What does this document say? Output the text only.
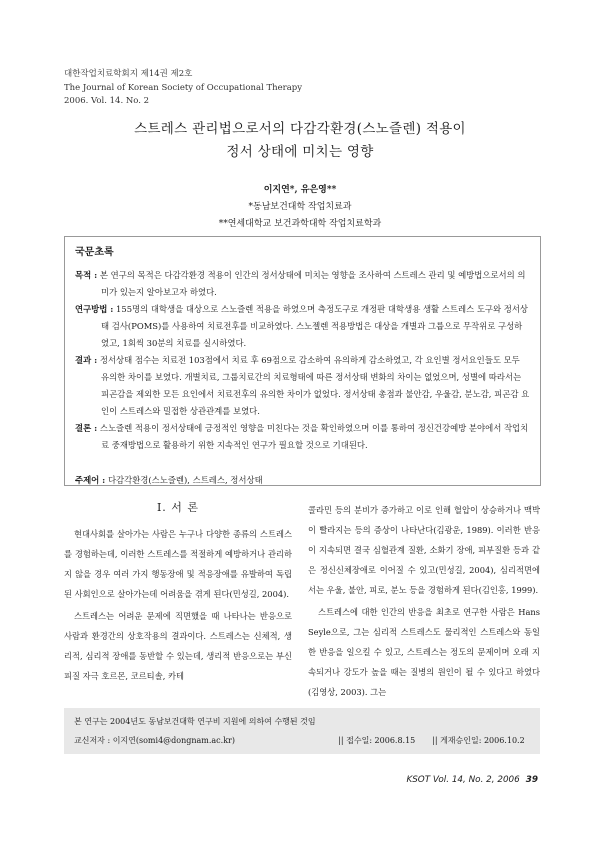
대한작업치료학회지 제14권 제2호
The Journal of Korean Society of Occupational Therapy
2006. Vol. 14. No. 2
스트레스 관리법으로서의 다감각환경(스노즐렌) 적용이
정서 상태에 미치는 영향
이지연*, 유은영**
*동남보건대학 작업치료과
**연세대학교 보건과학대학 작업치료학과
국문초록
목적 : 본 연구의 목적은 다감각환경 적용이 인간의 정서상태에 미치는 영향을 조사하여 스트레스 관리 및 예방법으로서의 의미가 있는지 알아보고자 하였다.
연구방법 : 155명의 대학생을 대상으로 스노즐렌 적용을 하였으며 측정도구로 개정판 대학생용 생활 스트레스 도구와 정서상태 검사(POMS)를 사용하여 치료전후를 비교하였다. 스노젤렌 적용방법은 대상을 개별과 그룹으로 무작위로 구성하였고, 1회씩 30분의 치료를 실시하였다.
결과 : 정서상태 점수는 치료전 103점에서 치료 후 69점으로 감소하여 유의하게 감소하였고, 각 요인별 정서요인들도 모두 유의한 차이를 보였다. 개별치료, 그룹치료간의 치료형태에 따른 정서상태 변화의 차이는 없었으며, 성별에 따라서는 피곤감을 제외한 모든 요인에서 치료전후의 유의한 차이가 없었다. 정서상태 총점과 불안감, 우울감, 분노감, 피곤감 요인이 스트레스와 밀접한 상관관계를 보였다.
결론 : 스노즐렌 적용이 정서상태에 긍정적인 영향을 미친다는 것을 확인하였으며 이를 통하여 정신건강예방 분야에서 작업치료 중재방법으로 활용하기 위한 지속적인 연구가 필요할 것으로 기대된다.
주제어 : 다감각환경(스노즐렌), 스트레스, 정서상태
I. 서 론

현대사회를 살아가는 사람은 누구나 다양한 종류의 스트레스를 경험하는데, 이러한 스트레스를 적절하게 예방하거나 관리하지 않을 경우 여러 가지 행동장애 및 적응장애를 유발하여 독립된 사회인으로 살아가는데 어려움을 겪게 된다(민성길, 2004).

스트레스는 어려운 문제에 직면했을 때 나타나는 반응으로 사람과 환경간의 상호작용의 결과이다. 스트레스는 신체적, 생리적, 심리적 장애를 동반할 수 있는데, 생리적 반응으로는 부신피질 자극 호르몬, 코르티솔, 카테

콜라민 등의 분비가 증가하고 이로 인해 혈압이 상승하거나 맥박이 빨라지는 등의 증상이 나타난다(김광운, 1989). 이러한 반응이 지속되면 결국 심혈관계 질환, 소화기 장애, 피부질환 등과 같은 정신신체장애로 이어질 수 있고(민성길, 2004), 심리적면에서는 우울, 불안, 피로, 분노 등을 경험하게 된다(김인홍, 1999).

스트레스에 대한 인간의 반응을 최초로 연구한 사람은 Hans Seyle으로, 그는 심리적 스트레스도 물리적인 스트레스와 동일한 반응을 일으킬 수 있고, 스트레스는 정도의 문제이며 오래 지속되거나 강도가 높을 때는 질병의 원인이 될 수 있다고 하였다(김영상, 2003). 그는

본 연구는 2004년도 동남보건대학 연구비 지원에 의하여 수행된 것임
교신저자 : 이지연(somi4@dongnam.ac.kr)	|| 접수일: 2006.8.15	|| 게재승인일: 2006.10.2
KSOT Vol. 14, No. 2, 2006 39
